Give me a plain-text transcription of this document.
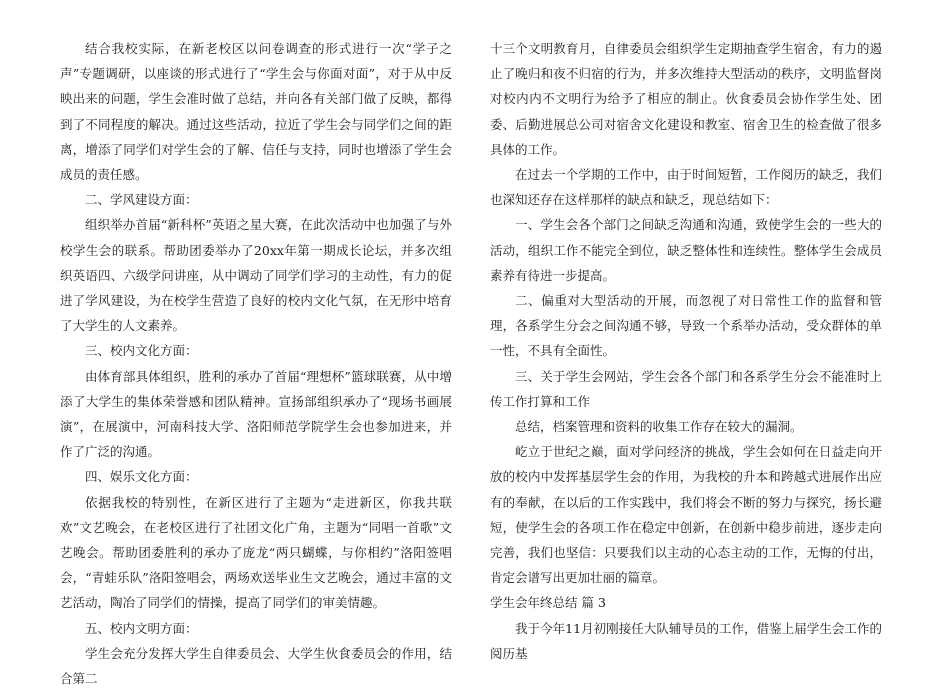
结合我校实际，在新老校区以问卷调查的形式进行一次“学子之声”专题调研，以座谈的形式进行了“学生会与你面对面”，对于从中反映出来的问题，学生会准时做了总结，并向各有关部门做了反映，都得到了不同程度的解决。通过这些活动，拉近了学生会与同学们之间的距离，增添了同学们对学生会的了解、信任与支持，同时也增添了学生会成员的责任感。

二、学风建设方面：

组织举办首届“新科杯”英语之星大赛，在此次活动中也加强了与外校学生会的联系。帮助团委举办了20xx年第一期成长论坛，并多次组织英语四、六级学问讲座，从中调动了同学们学习的主动性，有力的促进了学风建设，为在校学生营造了良好的校内文化气氛，在无形中培育了大学生的人文素养。

三、校内文化方面：

由体育部具体组织，胜利的承办了首届“理想杯”篮球联赛，从中增添了大学生的集体荣誉感和团队精神。宣扬部组织承办了“现场书画展演”，在展演中，河南科技大学、洛阳师范学院学生会也参加进来，并作了广泛的沟通。

四、娱乐文化方面：

依据我校的特别性，在新区进行了主题为“走进新区，你我共联欢”文艺晚会，在老校区进行了社团文化广角，主题为“同唱一首歌”文艺晚会。帮助团委胜利的承办了庞龙“两只蝴蝶，与你相约”洛阳签唱会，“青蛙乐队”洛阳签唱会，两场欢送毕业生文艺晚会，通过丰富的文艺活动，陶冶了同学们的情操，提高了同学们的审美情趣。

五、校内文明方面：

学生会充分发挥大学生自律委员会、大学生伙食委员会的作用，结合第二

十三个文明教育月，自律委员会组织学生定期抽查学生宿舍，有力的遏止了晚归和夜不归宿的行为，并多次维持大型活动的秩序，文明监督岗对校内内不文明行为给予了相应的制止。伙食委员会协作学生处、团委、后勤进展总公司对宿舍文化建设和教室、宿舍卫生的检查做了很多具体的工作。

在过去一个学期的工作中，由于时间短暂，工作阅历的缺乏，我们也深知还存在这样那样的缺点和缺乏，现总结如下：

一、学生会各个部门之间缺乏沟通和沟通，致使学生会的一些大的活动，组织工作不能完全到位，缺乏整体性和连续性。整体学生会成员素养有待进一步提高。

二、偏重对大型活动的开展，而忽视了对日常性工作的监督和管理，各系学生分会之间沟通不够，导致一个系举办活动，受众群体的单一性，不具有全面性。

三、关于学生会网站，学生会各个部门和各系学生分会不能准时上传工作打算和工作

总结，档案管理和资料的收集工作存在较大的漏洞。

屹立于世纪之巅，面对学问经济的挑战，学生会如何在日益走向开放的校内中发挥基层学生会的作用，为我校的升本和跨越式进展作出应有的奉献，在以后的工作实践中，我们将会不断的努力与探究，扬长避短，使学生会的各项工作在稳定中创新，在创新中稳步前进，逐步走向完善，我们也坚信：只要我们以主动的心态主动的工作，无悔的付出，肯定会谱写出更加壮丽的篇章。

学生会年终总结 篇 3

我于今年11月初刚接任大队辅导员的工作，借鉴上届学生会工作的阅历基
